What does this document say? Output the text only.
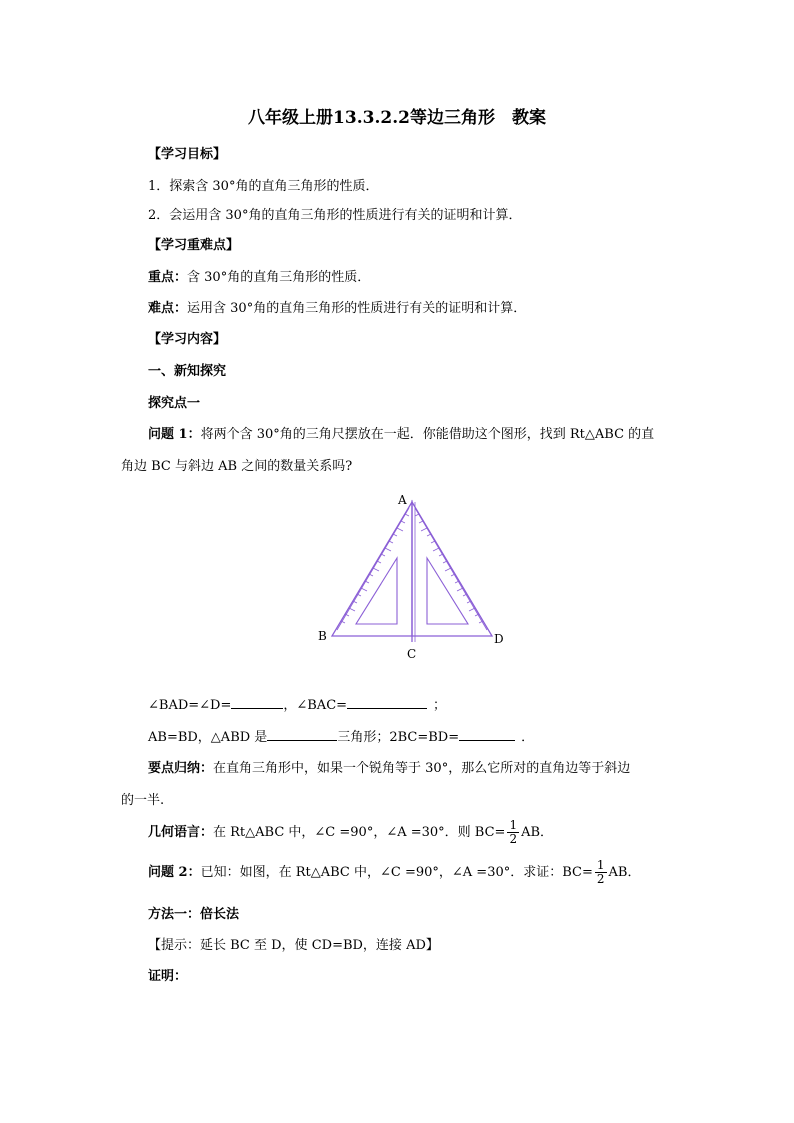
八年级上册13.3.2.2等边三角形　教案
【学习目标】
1．探索含 30°角的直角三角形的性质．
2．会运用含 30°角的直角三角形的性质进行有关的证明和计算．
【学习重难点】
重点：含 30°角的直角三角形的性质．
难点：运用含 30°角的直角三角形的性质进行有关的证明和计算．
【学习内容】
一、新知探究
探究点一
问题 1：将两个含 30°角的三角尺摆放在一起．你能借助这个图形，找到 Rt△ABC 的直
角边 BC 与斜边 AB 之间的数量关系吗?
A
B
C
D
∠BAD=∠D=	，∠BAC=	；
AB=BD，△ABD 是	三角形；2BC=BD=	．
要点归纳：在直角三角形中，如果一个锐角等于 30°，那么它所对的直角边等于斜边
的一半.
几何语言：在 Rt△ABC 中，∠C =90°，∠A =30°．则 $BC= \frac{1}{2}$ AB．
问题 2：已知：如图，在 Rt△ABC 中，∠C =90°，∠A =30°．求证：$BC= \frac{1}{2}$ AB．
方法一：倍长法
【提示：延长 BC 至 D，使 CD=BD，连接 AD】
证明：
